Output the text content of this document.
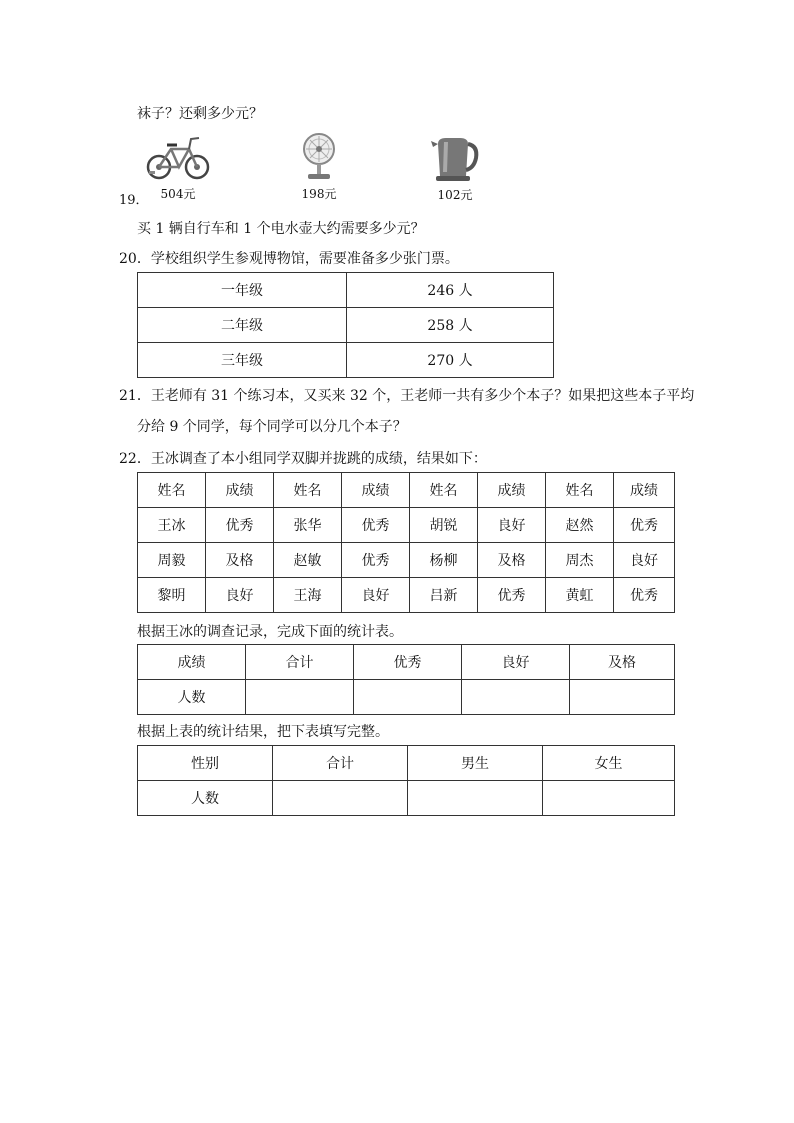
袜子？还剩多少元？
504元	198元	102元
19．
买 1 辆自行车和 1 个电水壶大约需要多少元？
20．学校组织学生参观博物馆，需要准备多少张门票。
一年级	246 人
二年级	258 人
三年级	270 人
21．王老师有 31 个练习本，又买来 32 个，王老师一共有多少个本子？如果把这些本子平均
分给 9 个同学，每个同学可以分几个本子？
22．王冰调查了本小组同学双脚并拢跳的成绩，结果如下：
姓名	成绩	姓名	成绩	姓名	成绩	姓名	成绩
王冰	优秀	张华	优秀	胡锐	良好	赵然	优秀
周毅	及格	赵敏	优秀	杨柳	及格	周杰	良好
黎明	良好	王海	良好	吕新	优秀	黄虹	优秀
根据王冰的调查记录，完成下面的统计表。
成绩	合计	优秀	良好	及格
人数				
根据上表的统计结果，把下表填写完整。
性别	合计	男生	女生
人数			
